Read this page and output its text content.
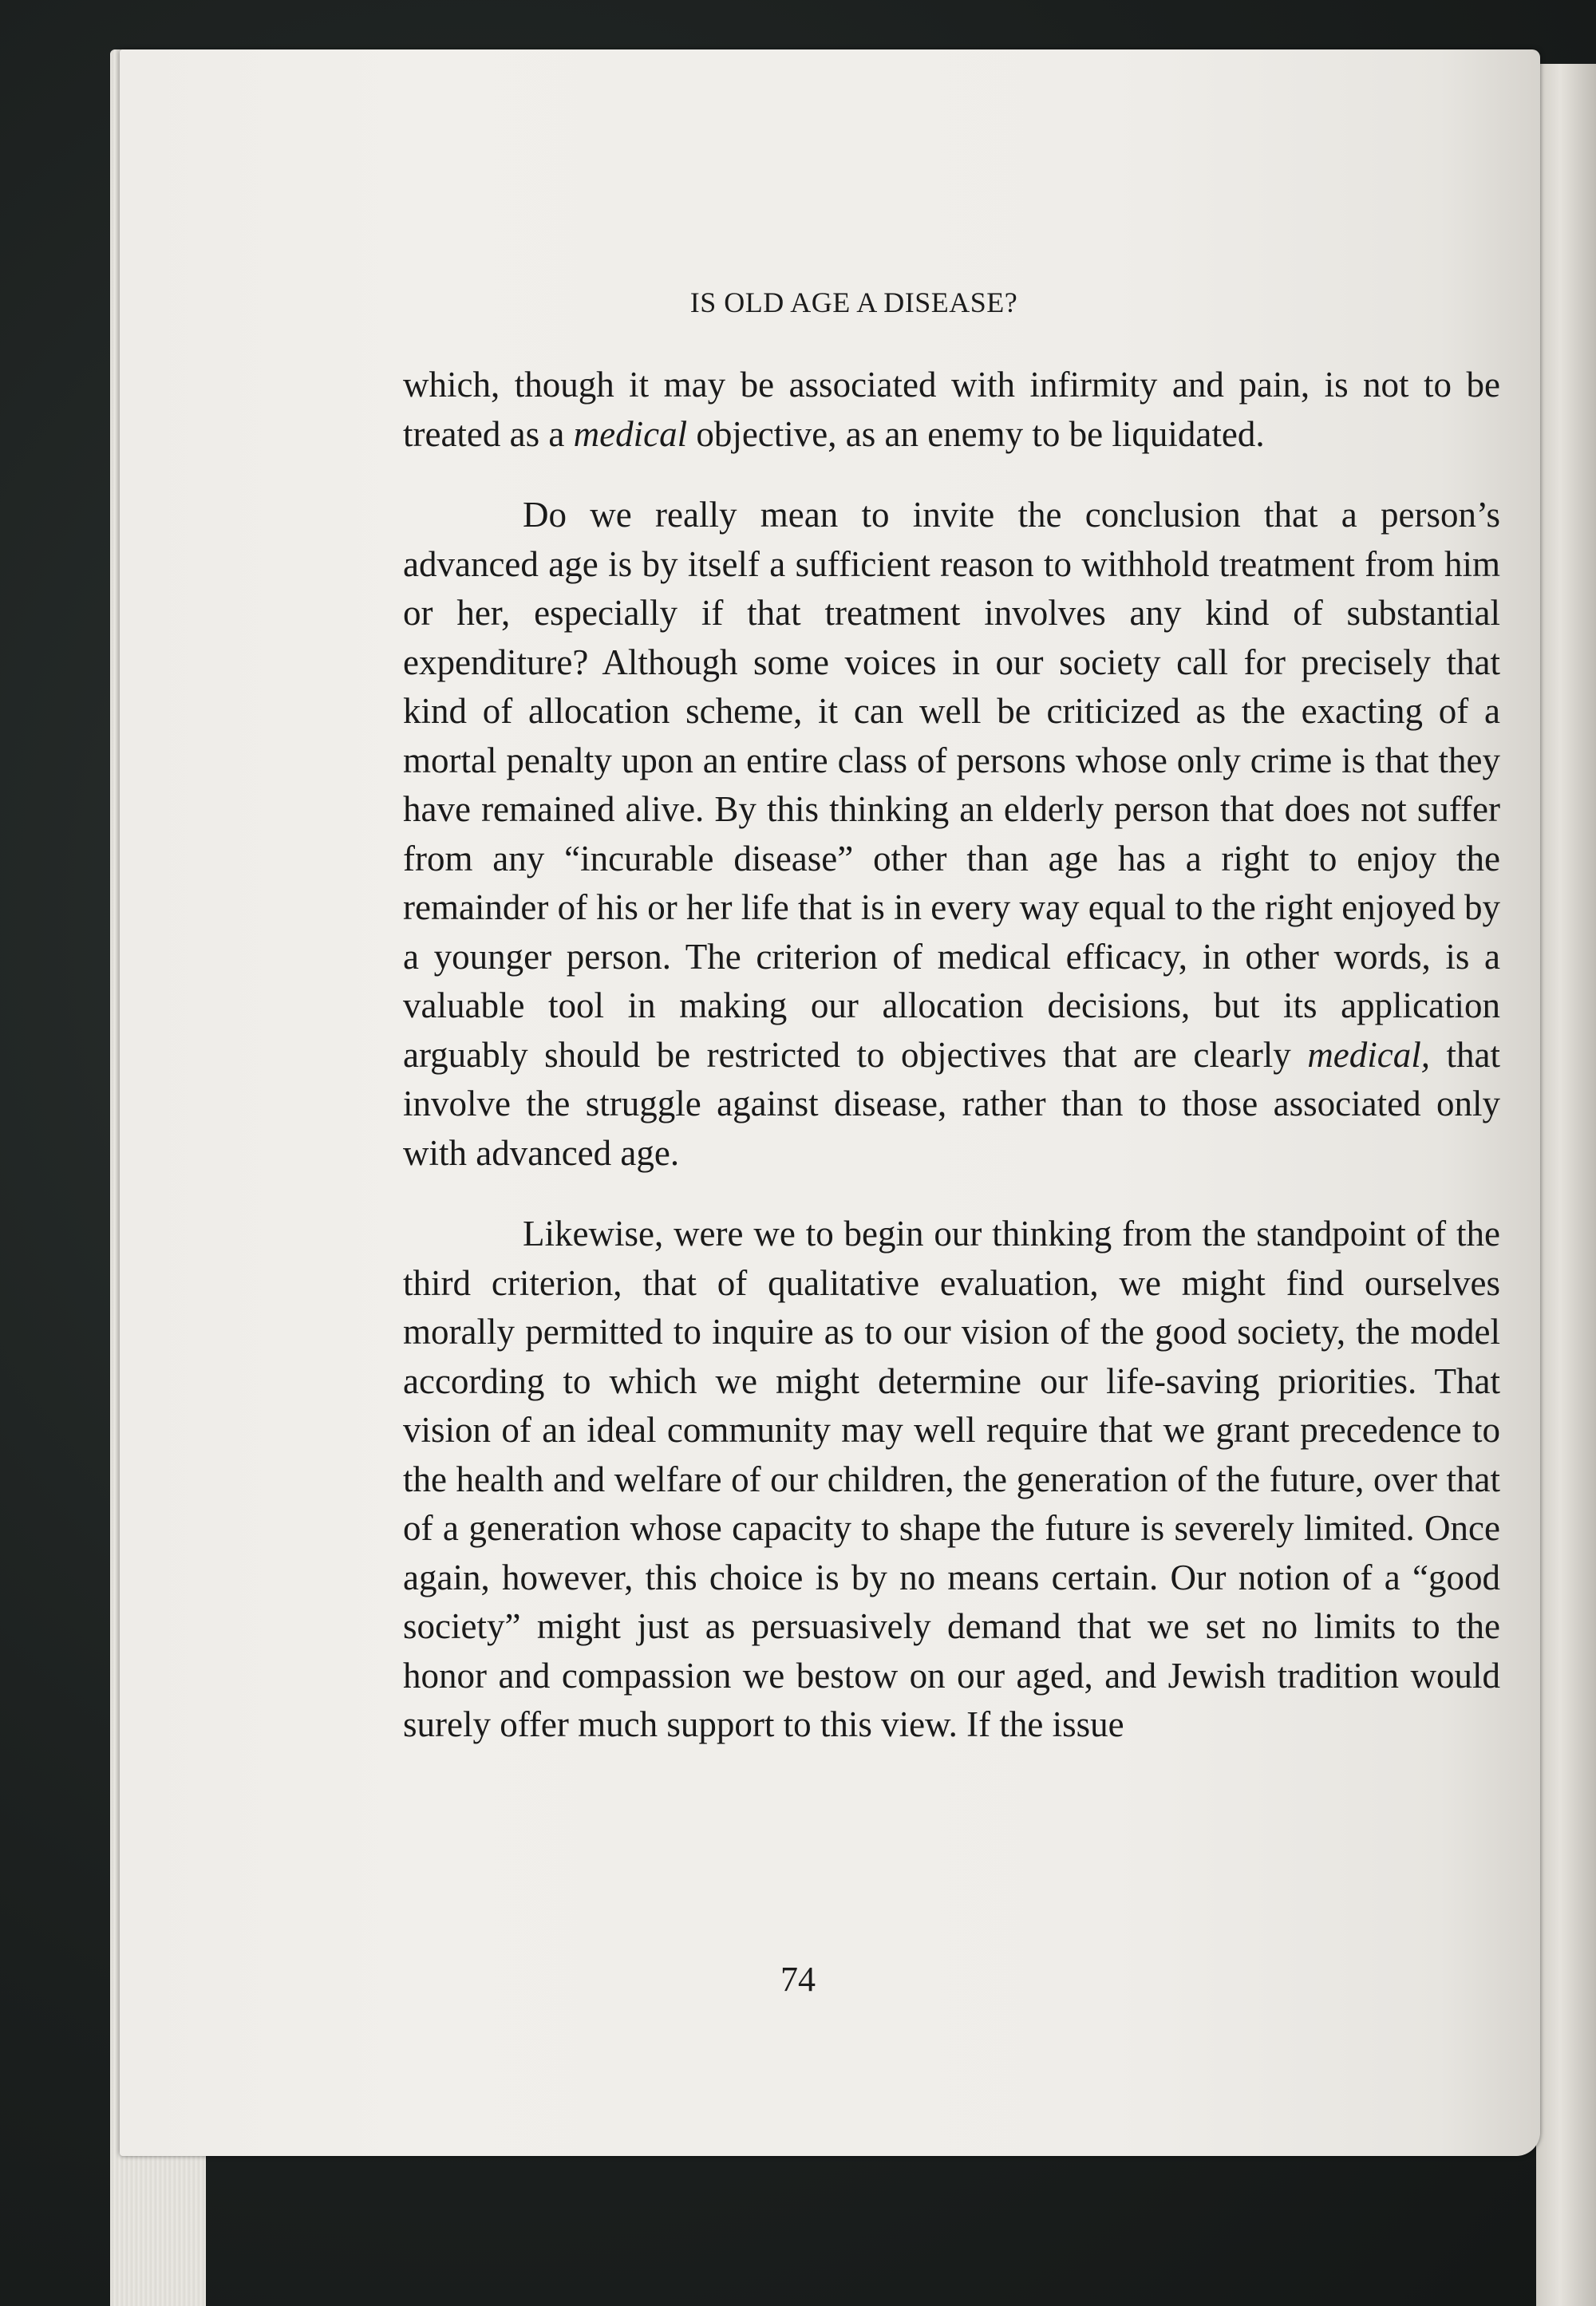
IS OLD AGE A DISEASE?

which, though it may be associated with infirmity and pain, is not to be treated as a medical objective, as an enemy to be liquidated.

Do we really mean to invite the conclusion that a person’s advanced age is by itself a sufficient reason to withhold treatment from him or her, especially if that treatment involves any kind of substantial expenditure? Although some voices in our society call for precisely that kind of allocation scheme, it can well be criticized as the exacting of a mortal penalty upon an entire class of persons whose only crime is that they have remained alive. By this thinking an elderly person that does not suffer from any “incurable disease” other than age has a right to enjoy the remainder of his or her life that is in every way equal to the right enjoyed by a younger person. The criterion of medical efficacy, in other words, is a valuable tool in making our allocation decisions, but its application arguably should be restricted to objectives that are clearly medical, that involve the struggle against disease, rather than to those associated only with advanced age.

Likewise, were we to begin our thinking from the standpoint of the third criterion, that of qualitative evaluation, we might find ourselves morally permitted to inquire as to our vision of the good society, the model according to which we might determine our life-saving priorities. That vision of an ideal community may well require that we grant precedence to the health and welfare of our children, the generation of the future, over that of a generation whose capacity to shape the future is severely limited. Once again, however, this choice is by no means certain. Our notion of a “good society” might just as persuasively demand that we set no limits to the honor and compassion we bestow on our aged, and Jewish tradition would surely offer much support to this view. If the issue

74
